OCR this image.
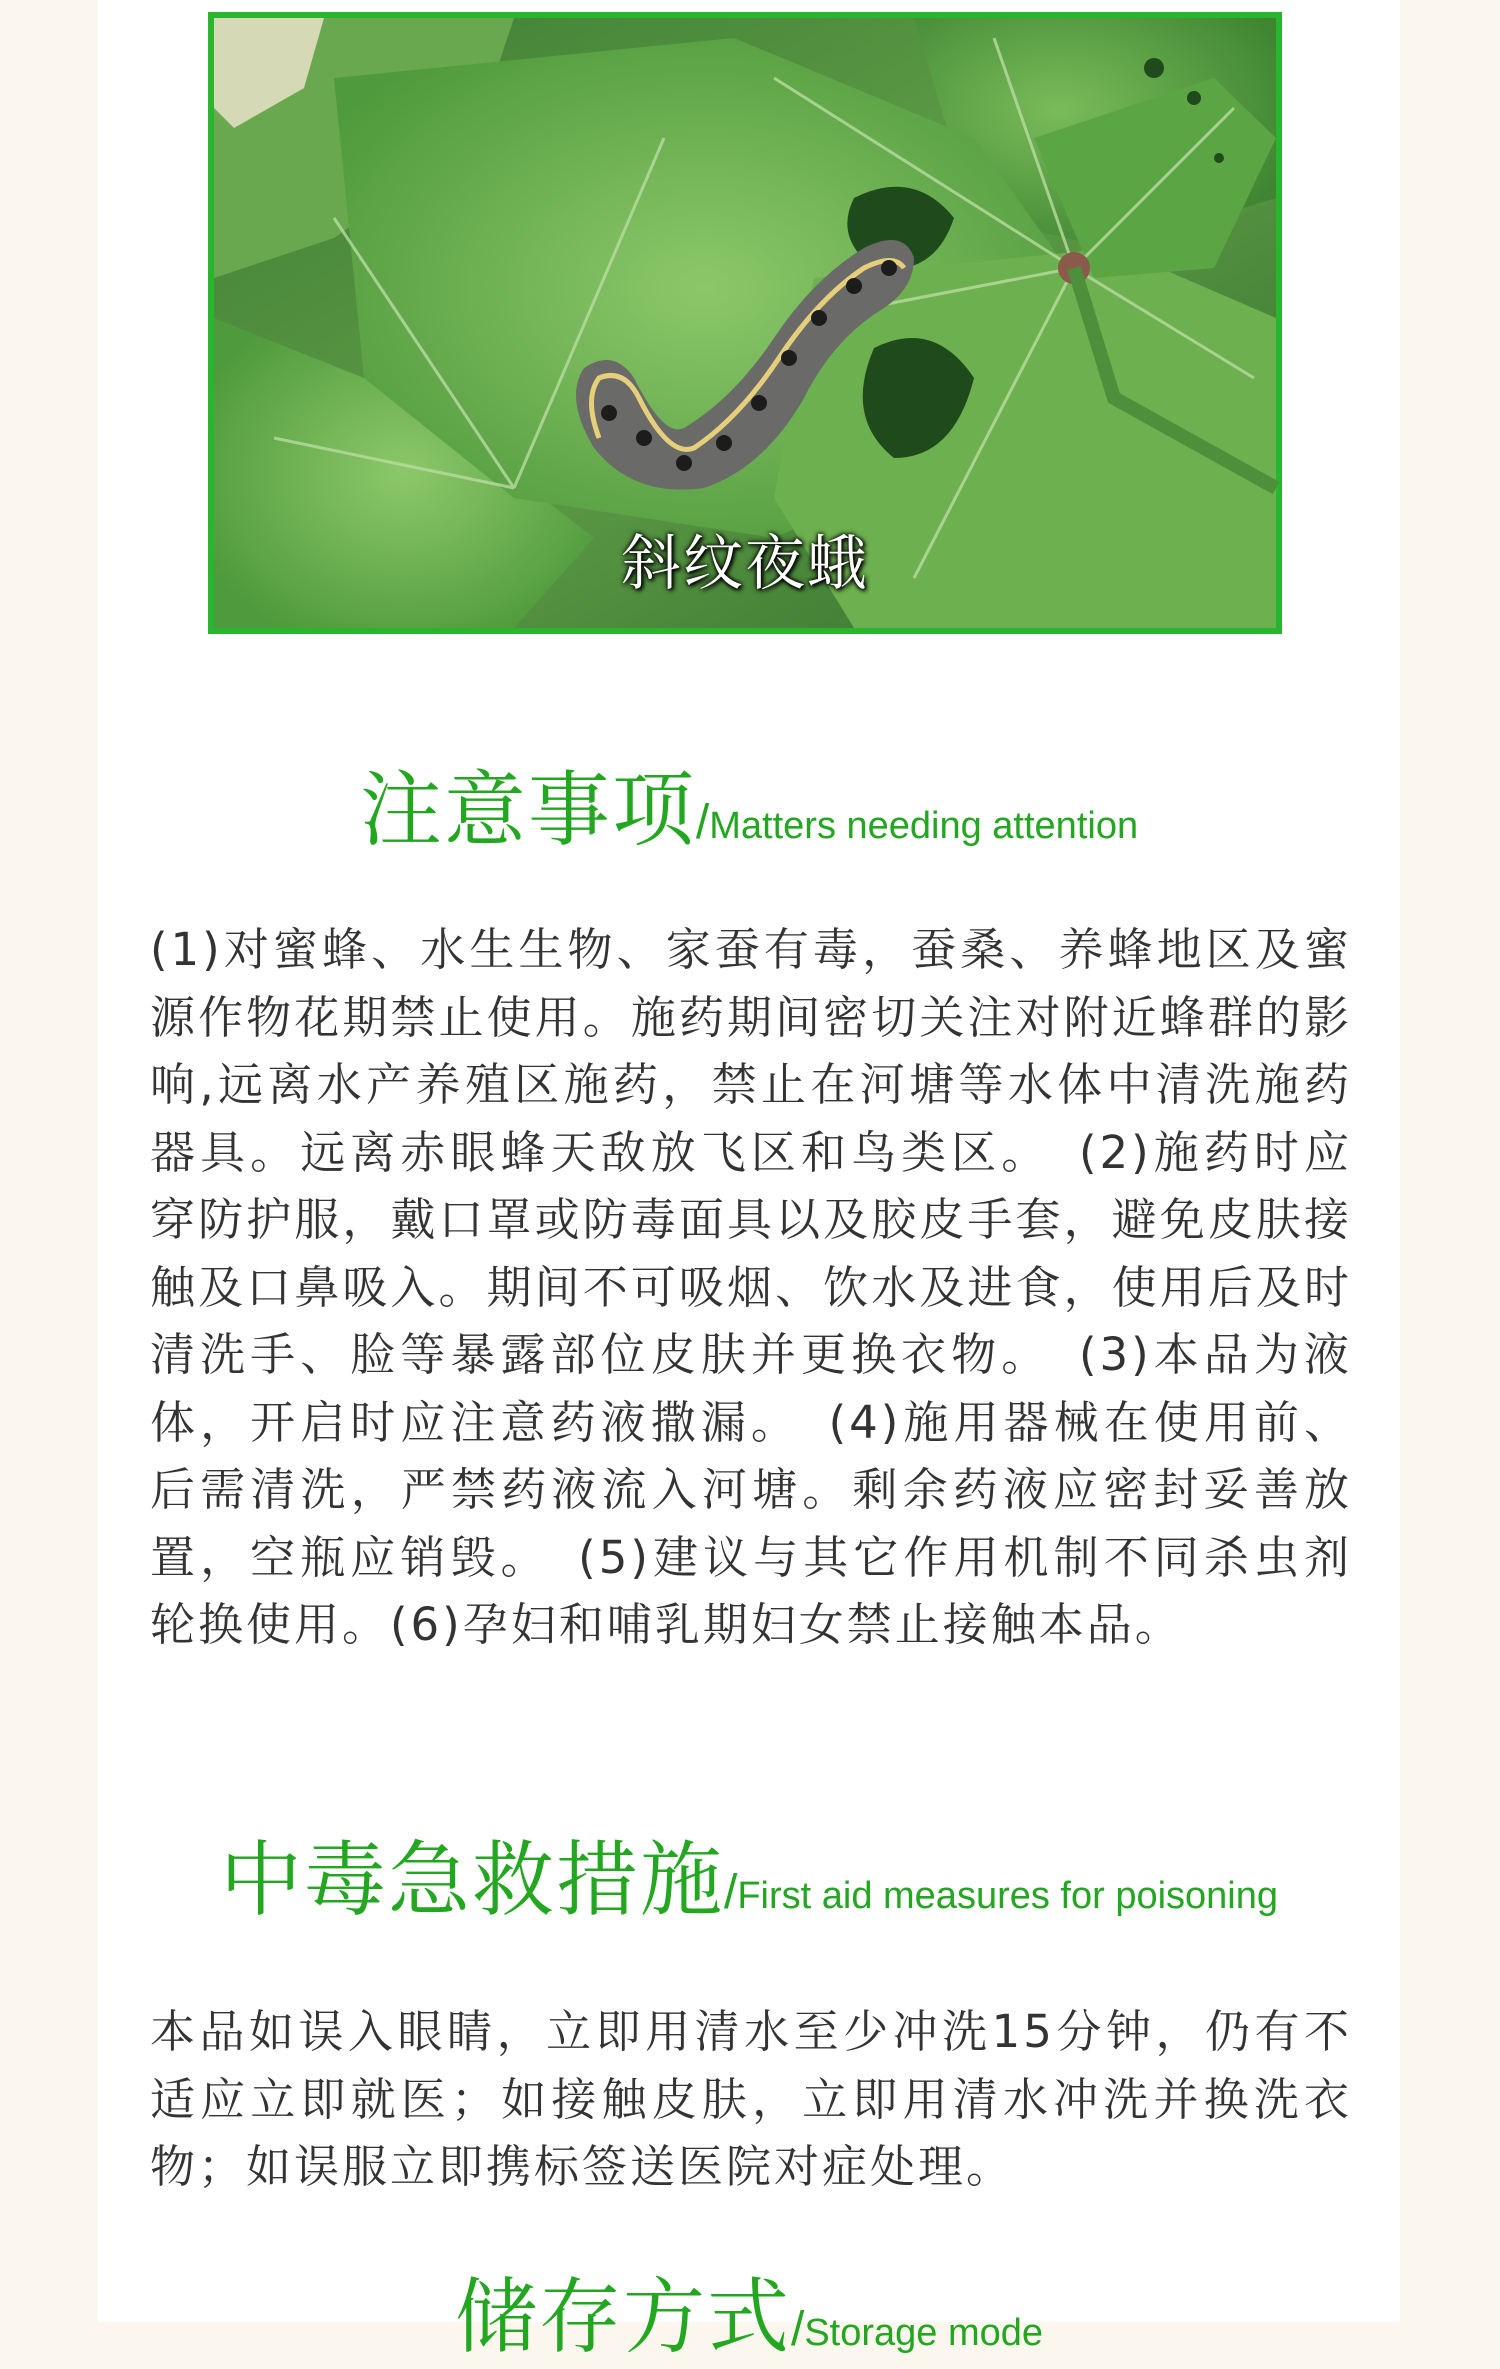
斜纹夜蛾
注意事项/Matters needing attention

(1)对蜜蜂、水生生物、家蚕有毒，蚕桑、养蜂地区及蜜源作物花期禁止使用。施药期间密切关注对附近蜂群的影响,远离水产养殖区施药，禁止在河塘等水体中清洗施药器具。远离赤眼蜂天敌放飞区和鸟类区。　(2)施药时应穿防护服，戴口罩或防毒面具以及胶皮手套，避免皮肤接触及口鼻吸入。期间不可吸烟、饮水及进食，使用后及时清洗手、脸等暴露部位皮肤并更换衣物。　(3)本品为液体，开启时应注意药液撒漏。　(4)施用器械在使用前、后需清洗，严禁药液流入河塘。剩余药液应密封妥善放置，空瓶应销毁。　(5)建议与其它作用机制不同杀虫剂轮换使用。(6)孕妇和哺乳期妇女禁止接触本品。

中毒急救措施/First aid measures for poisoning

本品如误入眼睛，立即用清水至少冲洗15分钟，仍有不适应立即就医；如接触皮肤，立即用清水冲洗并换洗衣物；如误服立即携标签送医院对症处理。

储存方式/Storage mode
